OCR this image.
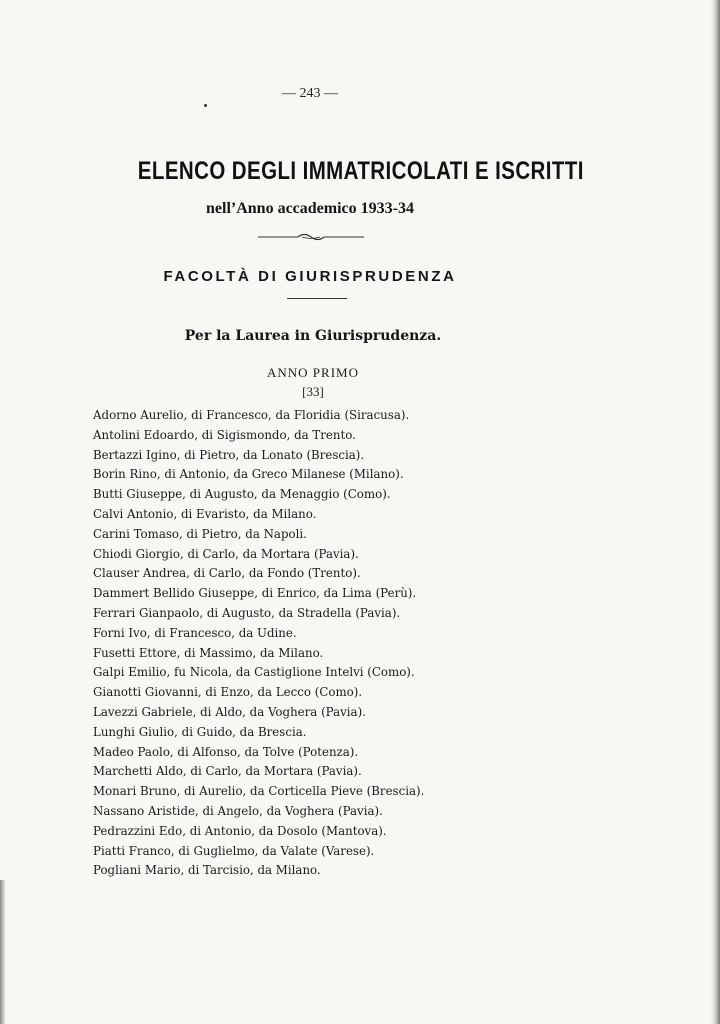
— 243 —
ELENCO DEGLI IMMATRICOLATI E ISCRITTI
nell’Anno accademico 1933-34
FACOLTÀ DI GIURISPRUDENZA
Per la Laurea in Giurisprudenza.
ANNO PRIMO
[33]
Adorno Aurelio, di Francesco, da Floridia (Siracusa).
Antolini Edoardo, di Sigismondo, da Trento.
Bertazzi Igino, di Pietro, da Lonato (Brescia).
Borin Rino, di Antonio, da Greco Milanese (Milano).
Butti Giuseppe, di Augusto, da Menaggio (Como).
Calvi Antonio, di Evaristo, da Milano.
Carini Tomaso, di Pietro, da Napoli.
Chiodi Giorgio, di Carlo, da Mortara (Pavia).
Clauser Andrea, di Carlo, da Fondo (Trento).
Dammert Bellido Giuseppe, di Enrico, da Lima (Perù).
Ferrari Gianpaolo, di Augusto, da Stradella (Pavia).
Forni Ivo, di Francesco, da Udine.
Fusetti Ettore, di Massimo, da Milano.
Galpi Emilio, fu Nicola, da Castiglione Intelvi (Como).
Gianotti Giovanni, di Enzo, da Lecco (Como).
Lavezzi Gabriele, di Aldo, da Voghera (Pavia).
Lunghi Giulio, di Guido, da Brescia.
Madeo Paolo, di Alfonso, da Tolve (Potenza).
Marchetti Aldo, di Carlo, da Mortara (Pavia).
Monari Bruno, di Aurelio, da Corticella Pieve (Brescia).
Nassano Aristide, di Angelo, da Voghera (Pavia).
Pedrazzini Edo, di Antonio, da Dosolo (Mantova).
Piatti Franco, di Guglielmo, da Valate (Varese).
Pogliani Mario, di Tarcisio, da Milano.
